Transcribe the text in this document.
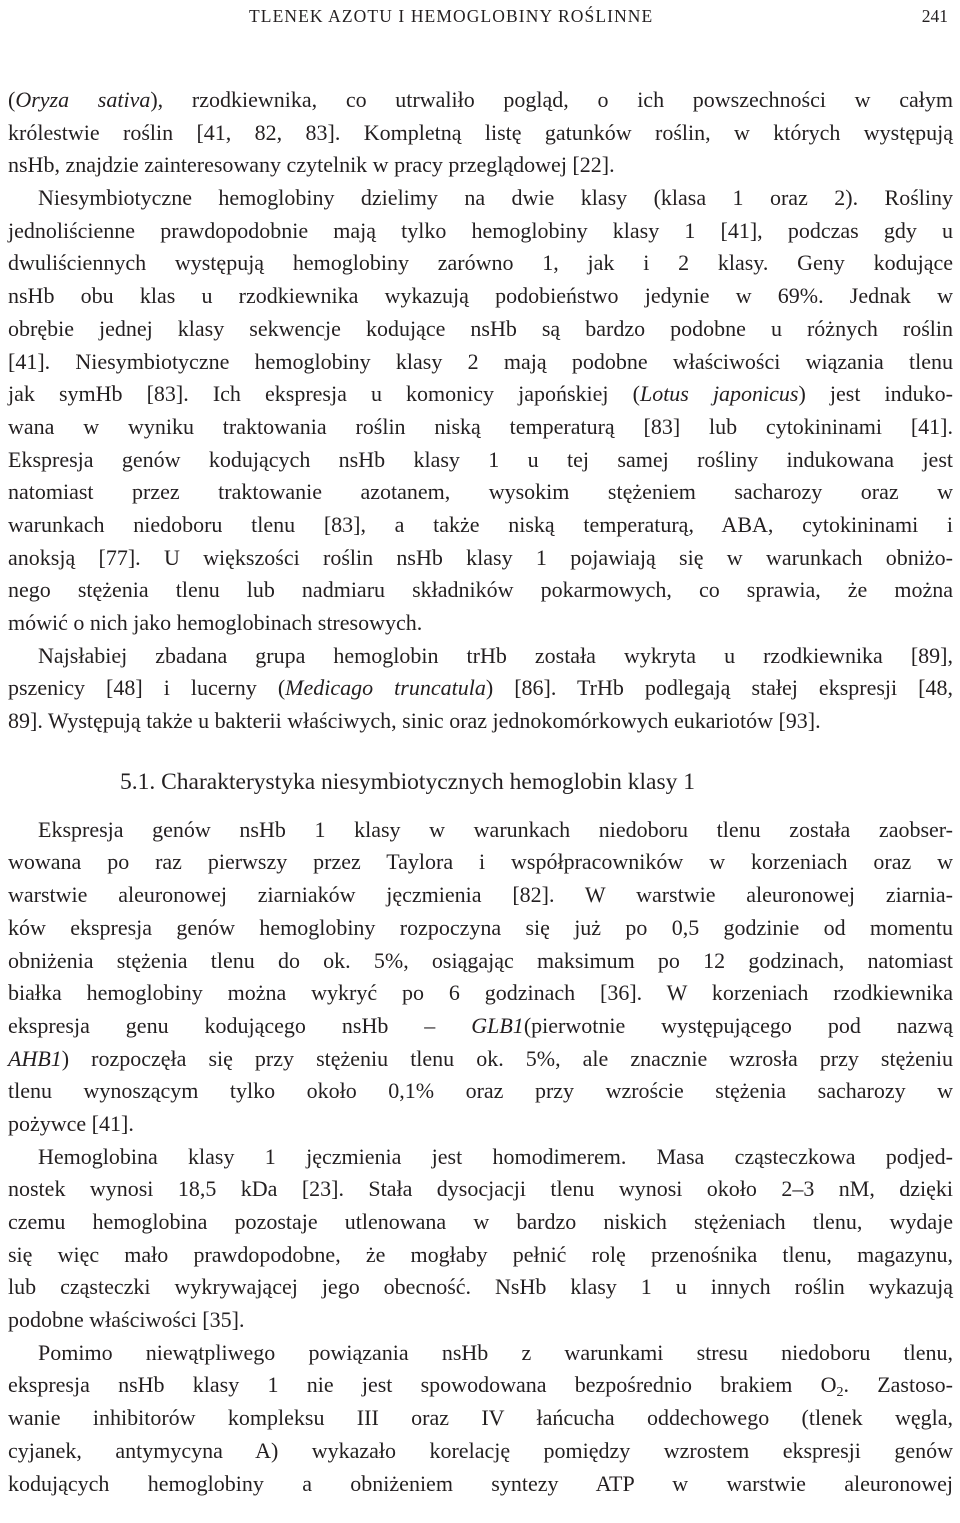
TLENEK AZOTU I HEMOGLOBINY ROŚLINNE	241
(Oryza sativa), rzodkiewnika, co utrwaliło pogląd, o ich powszechności w całym
królestwie roślin [41, 82, 83]. Kompletną listę gatunków roślin, w których występują
nsHb, znajdzie zainteresowany czytelnik w pracy przeglądowej [22].
Niesymbiotyczne hemoglobiny dzielimy na dwie klasy (klasa 1 oraz 2). Rośliny
jednoliścienne prawdopodobnie mają tylko hemoglobiny klasy 1 [41], podczas gdy u
dwuliściennych występują hemoglobiny zarówno 1, jak i 2 klasy. Geny kodujące
nsHb obu klas u rzodkiewnika wykazują podobieństwo jedynie w 69%. Jednak w
obrębie jednej klasy sekwencje kodujące nsHb są bardzo podobne u różnych roślin
[41]. Niesymbiotyczne hemoglobiny klasy 2 mają podobne właściwości wiązania tlenu
jak symHb [83]. Ich ekspresja u komonicy japońskiej (Lotus japonicus) jest induko-
wana w wyniku traktowania roślin niską temperaturą [83] lub cytokininami [41].
Ekspresja genów kodujących nsHb klasy 1 u tej samej rośliny indukowana jest
natomiast przez traktowanie azotanem, wysokim stężeniem sacharozy oraz w
warunkach niedoboru tlenu [83], a także niską temperaturą, ABA, cytokininami i
anoksją [77]. U większości roślin nsHb klasy 1 pojawiają się w warunkach obniżo-
nego stężenia tlenu lub nadmiaru składników pokarmowych, co sprawia, że można
mówić o nich jako hemoglobinach stresowych.
Najsłabiej zbadana grupa hemoglobin trHb została wykryta u rzodkiewnika [89],
pszenicy [48] i lucerny (Medicago truncatula) [86]. TrHb podlegają stałej ekspresji [48,
89]. Występują także u bakterii właściwych, sinic oraz jednokomórkowych eukariotów [93].
5.1. Charakterystyka niesymbiotycznych hemoglobin klasy 1
Ekspresja genów nsHb 1 klasy w warunkach niedoboru tlenu została zaobser-
wowana po raz pierwszy przez Taylora i współpracowników w korzeniach oraz w
warstwie aleuronowej ziarniaków jęczmienia [82]. W warstwie aleuronowej ziarnia-
ków ekspresja genów hemoglobiny rozpoczyna się już po 0,5 godzinie od momentu
obniżenia stężenia tlenu do ok. 5%, osiągając maksimum po 12 godzinach, natomiast
białka hemoglobiny można wykryć po 6 godzinach [36]. W korzeniach rzodkiewnika
ekspresja genu kodującego nsHb – GLB1(pierwotnie występującego pod nazwą
AHB1) rozpoczęła się przy stężeniu tlenu ok. 5%, ale znacznie wzrosła przy stężeniu
tlenu wynoszącym tylko około 0,1% oraz przy wzroście stężenia sacharozy w
pożywce [41].
Hemoglobina klasy 1 jęczmienia jest homodimerem. Masa cząsteczkowa podjed-
nostek wynosi 18,5 kDa [23]. Stała dysocjacji tlenu wynosi około 2–3 nM, dzięki
czemu hemoglobina pozostaje utlenowana w bardzo niskich stężeniach tlenu, wydaje
się więc mało prawdopodobne, że mogłaby pełnić rolę przenośnika tlenu, magazynu,
lub cząsteczki wykrywającej jego obecność. NsHb klasy 1 u innych roślin wykazują
podobne właściwości [35].
Pomimo niewątpliwego powiązania nsHb z warunkami stresu niedoboru tlenu,
ekspresja nsHb klasy 1 nie jest spowodowana bezpośrednio brakiem $O_2$. Zastoso-
wanie inhibitorów kompleksu III oraz IV łańcucha oddechowego (tlenek węgla,
cyjanek, antymycyna A) wykazało korelację pomiędzy wzrostem ekspresji genów
kodujących hemoglobiny a obniżeniem syntezy ATP w warstwie aleuronowej
